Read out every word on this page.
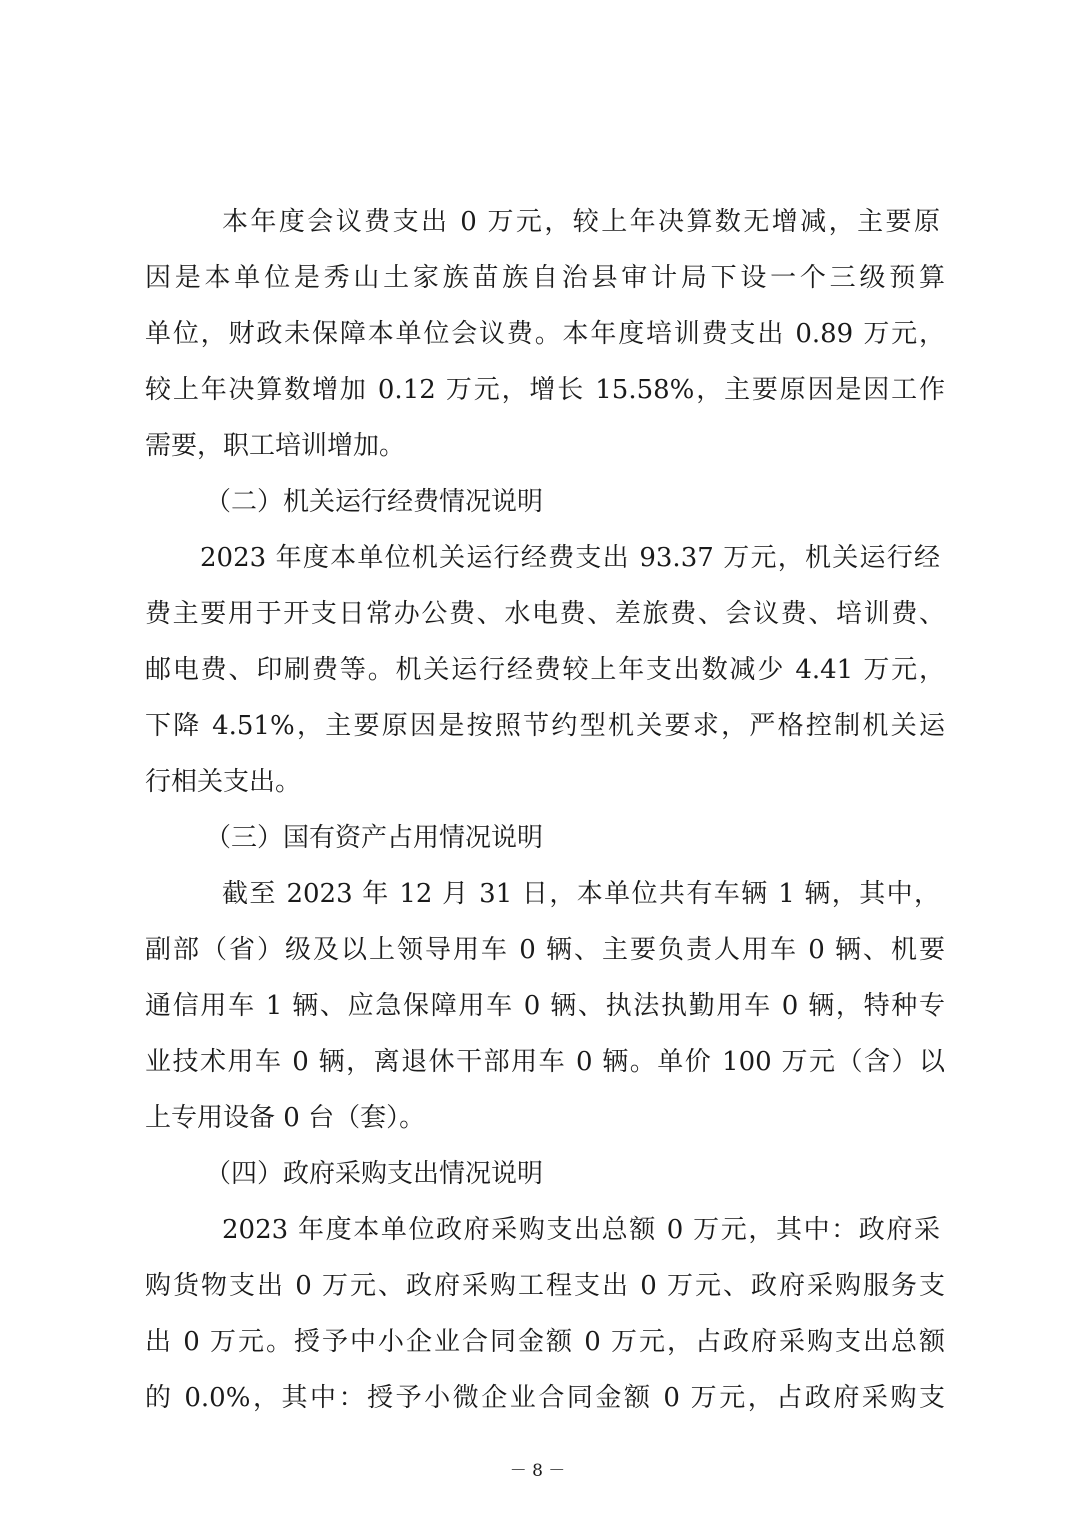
本年度会议费支出 0 万元，较上年决算数无增减，主要原
因是本单位是秀山土家族苗族自治县审计局下设一个三级预算
单位，财政未保障本单位会议费。本年度培训费支出 0.89 万元，
较上年决算数增加 0.12 万元，增长 15.58%，主要原因是因工作
需要，职工培训增加。
（二）机关运行经费情况说明
2023 年度本单位机关运行经费支出 93.37 万元，机关运行经
费主要用于开支日常办公费、水电费、差旅费、会议费、培训费、
邮电费、印刷费等。机关运行经费较上年支出数减少 4.41 万元，
下降 4.51%，主要原因是按照节约型机关要求，严格控制机关运
行相关支出。
（三）国有资产占用情况说明
截至 2023 年 12 月 31 日，本单位共有车辆 1 辆，其中，
副部（省）级及以上领导用车 0 辆、主要负责人用车 0 辆、机要
通信用车 1 辆、应急保障用车 0 辆、执法执勤用车 0 辆，特种专
业技术用车 0 辆，离退休干部用车 0 辆。单价 100 万元（含）以
上专用设备 0 台（套）。
（四）政府采购支出情况说明
2023 年度本单位政府采购支出总额 0 万元，其中：政府采
购货物支出 0 万元、政府采购工程支出 0 万元、政府采购服务支
出 0 万元。授予中小企业合同金额 0 万元，占政府采购支出总额
的 0.0%，其中：授予小微企业合同金额 0 万元，占政府采购支
－ 8 －
